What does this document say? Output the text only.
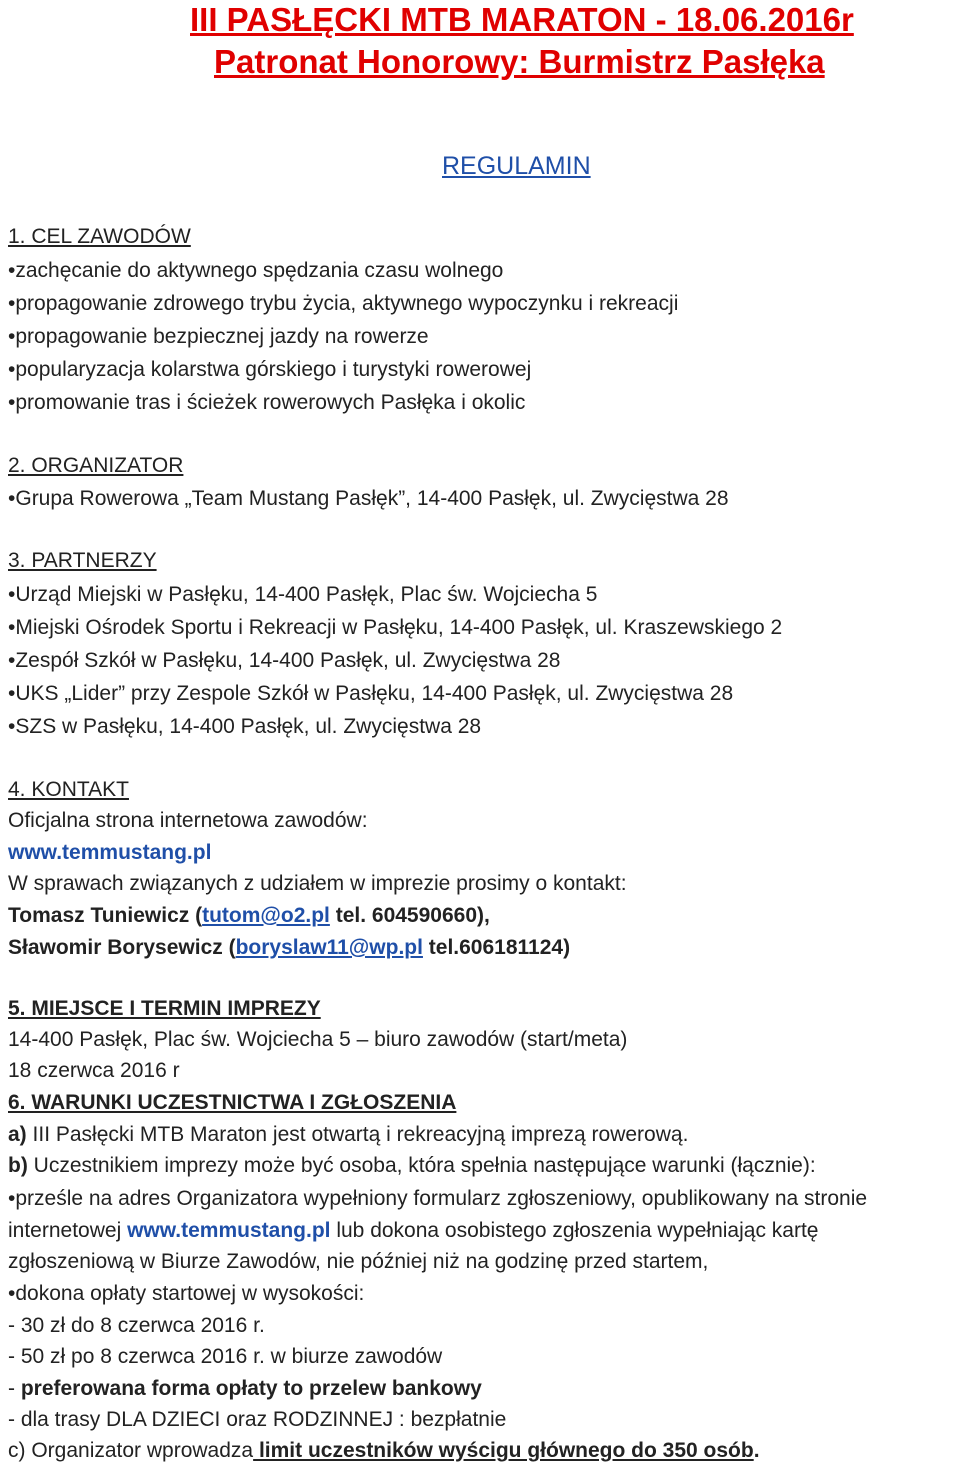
III PASŁĘCKI MTB MARATON - 18.06.2016r
Patronat Honorowy: Burmistrz Pasłęka
REGULAMIN
1. CEL ZAWODÓW
•zachęcanie do aktywnego spędzania czasu wolnego
•propagowanie zdrowego trybu życia, aktywnego wypoczynku i rekreacji
•propagowanie bezpiecznej jazdy na rowerze
•popularyzacja kolarstwa górskiego i turystyki rowerowej
•promowanie tras i ścieżek rowerowych Pasłęka i okolic
2. ORGANIZATOR
•Grupa Rowerowa „Team Mustang Pasłęk”, 14-400 Pasłęk, ul. Zwycięstwa 28
3. PARTNERZY
•Urząd Miejski w Pasłęku, 14-400 Pasłęk, Plac św. Wojciecha 5
•Miejski Ośrodek Sportu i Rekreacji w Pasłęku, 14-400 Pasłęk, ul. Kraszewskiego 2
•Zespół Szkół w Pasłęku, 14-400 Pasłęk, ul. Zwycięstwa 28
•UKS „Lider” przy Zespole Szkół w Pasłęku, 14-400 Pasłęk, ul. Zwycięstwa 28
•SZS w Pasłęku, 14-400 Pasłęk, ul. Zwycięstwa 28
4. KONTAKT
Oficjalna strona internetowa zawodów:
www.temmustang.pl
W sprawach związanych z udziałem w imprezie prosimy o kontakt:
Tomasz Tuniewicz (tutom@o2.pl tel. 604590660),
Sławomir Borysewicz (boryslaw11@wp.pl tel.606181124)
5. MIEJSCE I TERMIN IMPREZY
14-400 Pasłęk, Plac św. Wojciecha 5 – biuro zawodów (start/meta)
18 czerwca 2016 r
6. WARUNKI UCZESTNICTWA I ZGŁOSZENIA
a) III Pasłęcki MTB Maraton jest otwartą i rekreacyjną imprezą rowerową.
b) Uczestnikiem imprezy może być osoba, która spełnia następujące warunki (łącznie):
•prześle na adres Organizatora wypełniony formularz zgłoszeniowy, opublikowany na stronie
internetowej www.temmustang.pl lub dokona osobistego zgłoszenia wypełniając kartę
zgłoszeniową w Biurze Zawodów, nie później niż na godzinę przed startem,
•dokona opłaty startowej w wysokości:
- 30 zł do 8 czerwca 2016 r.
- 50 zł po 8 czerwca 2016 r. w biurze zawodów
- preferowana forma opłaty to przelew bankowy
- dla trasy DLA DZIECI oraz RODZINNEJ : bezpłatnie
c) Organizator wprowadza limit uczestników wyścigu głównego do 350 osób.
